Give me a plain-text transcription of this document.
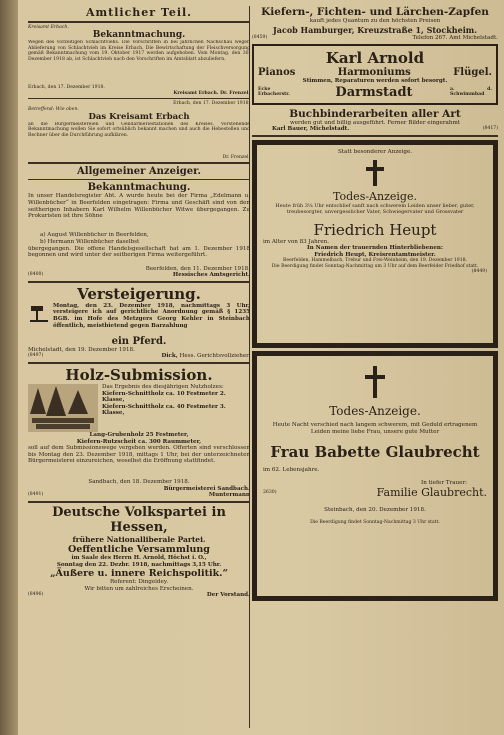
Amtlicher Teil.
Kreisamt Erbach.
Bekanntmachung.
Wegen des vorzeitigen Schlachtviehs. Die Vorschriften in bei jährlichen Nachschau wegen Ablieferung von Schlachtvieh im Kreise Erbach. Die Bewirtschaftung der Fleischversorgung gemäß Bekanntmachung vom 19. Oktober 1917 werden aufgehoben. Vom Montag, den 30. Dezember 1918 ab, ist Schlachtvieh nach den Vorschriften im Amtsblatt abzuliefern.
Erbach, den 17. Dezember 1918.
Kreisamt Erbach. Dr. Frenzel.
Erbach, den 17. Dezember 1918.
Betreffend: Wie oben.
Das Kreisamt Erbach
an die Bürgermeistereien und Gendarmeriestationen des Kreises. Vorstehende Bekanntmachung wollen Sie sofort ortsüblich bekannt machen und auch die Hebestellen und Rechner über die Durchführung aufklären.
Dr. Frenzel.
Allgemeiner Anzeiger.
Bekanntmachung.
In unser Handelsregister Abt. A wurde heute bei der Firma „Edelmann u. Willenbücher“ in Beerfelden eingetragen: Firma und Geschäft sind von den seitherigen Inhabern Karl Wilhelm Willenbücher Witwe übergegangen. Zu Prokuristen ist ihre Söhne
a) August Willenbücher in Beerfelden,
b) Hermann Willenbücher daselbst
übergegangen. Die offene Handelsgesellschaft hat am 1. Dezember 1918 begonnen und wird unter der seitherigen Firma weitergeführt.
Beerfelden, den 11. Dezember 1918.
(8400)	Hessisches Amtsgericht.
Versteigerung.
Montag, den 23. Dezember 1918, nachmittags 3 Uhr, versteigere ich auf gerichtliche Anordnung gemäß § 1235 BGB. im Hofe des Metzgers Georg Kehler in Steinbach öffentlich, meistbietend gegen Barzahlung
ein Pferd.
Michelstadt, den 19. Dezember 1918.
(8497)	Dick, Hess. Gerichtsvollzieher.
Holz-Submission.
Das Ergebnis des diesjährigen Nutzholzes:
Kiefern-Schnittholz ca. 10 Festmeter 2. Klasse,
Kiefern-Schnittholz ca. 40 Festmeter 3. Klasse,
Lang-Grubenholz 25 Festmeter,
Kiefern-Rutzscheit ca. 300 Raummeter,
soll auf dem Submissionswege vergeben werden. Offerten sind verschlossen bis Montag den 23. Dezember 1918, mittags 1 Uhr, bei der unterzeichneten Bürgermeisterei einzureichen, woselbst die Eröffnung stattfindet.
Sandbach, den 18. Dezember 1918.
Bürgermeisterei Sandbach.
(8491)	Muntermann
Deutsche Volkspartei in Hessen,
frühere Nationalliberale Partei.
Oeffentliche Versammlung
im Saale des Herrn H. Arnold, Höchst i. O.,
Sonntag den 22. Dezbr. 1918, nachmittags 3,15 Uhr.
„Äußere u. innere Reichspolitik.“
Referent: Dingeldey.
Wir bitten um zahlreiches Erscheinen.
(8496)	Der Vorstand.
Kiefern-, Fichten- und Lärchen-Zapfen
kauft jedes Quantum zu den höchsten Preisen
Jacob Hamburger, Kreuzstraße 1, Stockheim.
(8459)	Telefon 267. Amt Michelstadt.
Karl Arnold
Pianos	Harmoniums	Flügel.
Stimmen, Reparaturen werden sofort besorgt.
Ecke Erbacherstr.	Darmstadt	a. d. Schwimmbad
Buchbinderarbeiten aller Art
werden gut und billig ausgeführt. Ferner Bilder eingerahmt
Karl Bauer, Michelstadt.	(8417)
Statt besonderer Anzeige.
Todes-Anzeige.
Heute früh 3¼ Uhr entschlief sanft nach schwerem Leiden unser lieber, guter, treubesorgter, unvergesslicher Vater, Schwiegervater und Grossvater
Friedrich Heupt
im Alter von 83 Jahren.
In Namen der trauernden Hinterbliebenen:
Friedrich Heupt, Kreisrentamtmeister.
Beerfelden, Hammelbach, Trebur und Frei-Weinheim, den 19. Dezember 1918.
Die Beerdigung findet Sonntag-Nachmittag um 3 Uhr auf dem Beerfelder Friedhof statt.
(8449)
Todes-Anzeige.
Heute Nacht verschied nach langem schwerem, mit Geduld ertragenem Leiden meine liebe Frau, unsere gute Mutter
Frau Babette Glaubrecht
im 62. Lebensjahre.
In tiefer Trauer:
2630)	Familie Glaubrecht.
Steinbach, den 20. Dezember 1918.
Die Beerdigung findet Sonntag-Nachmittag 3 Uhr statt.
